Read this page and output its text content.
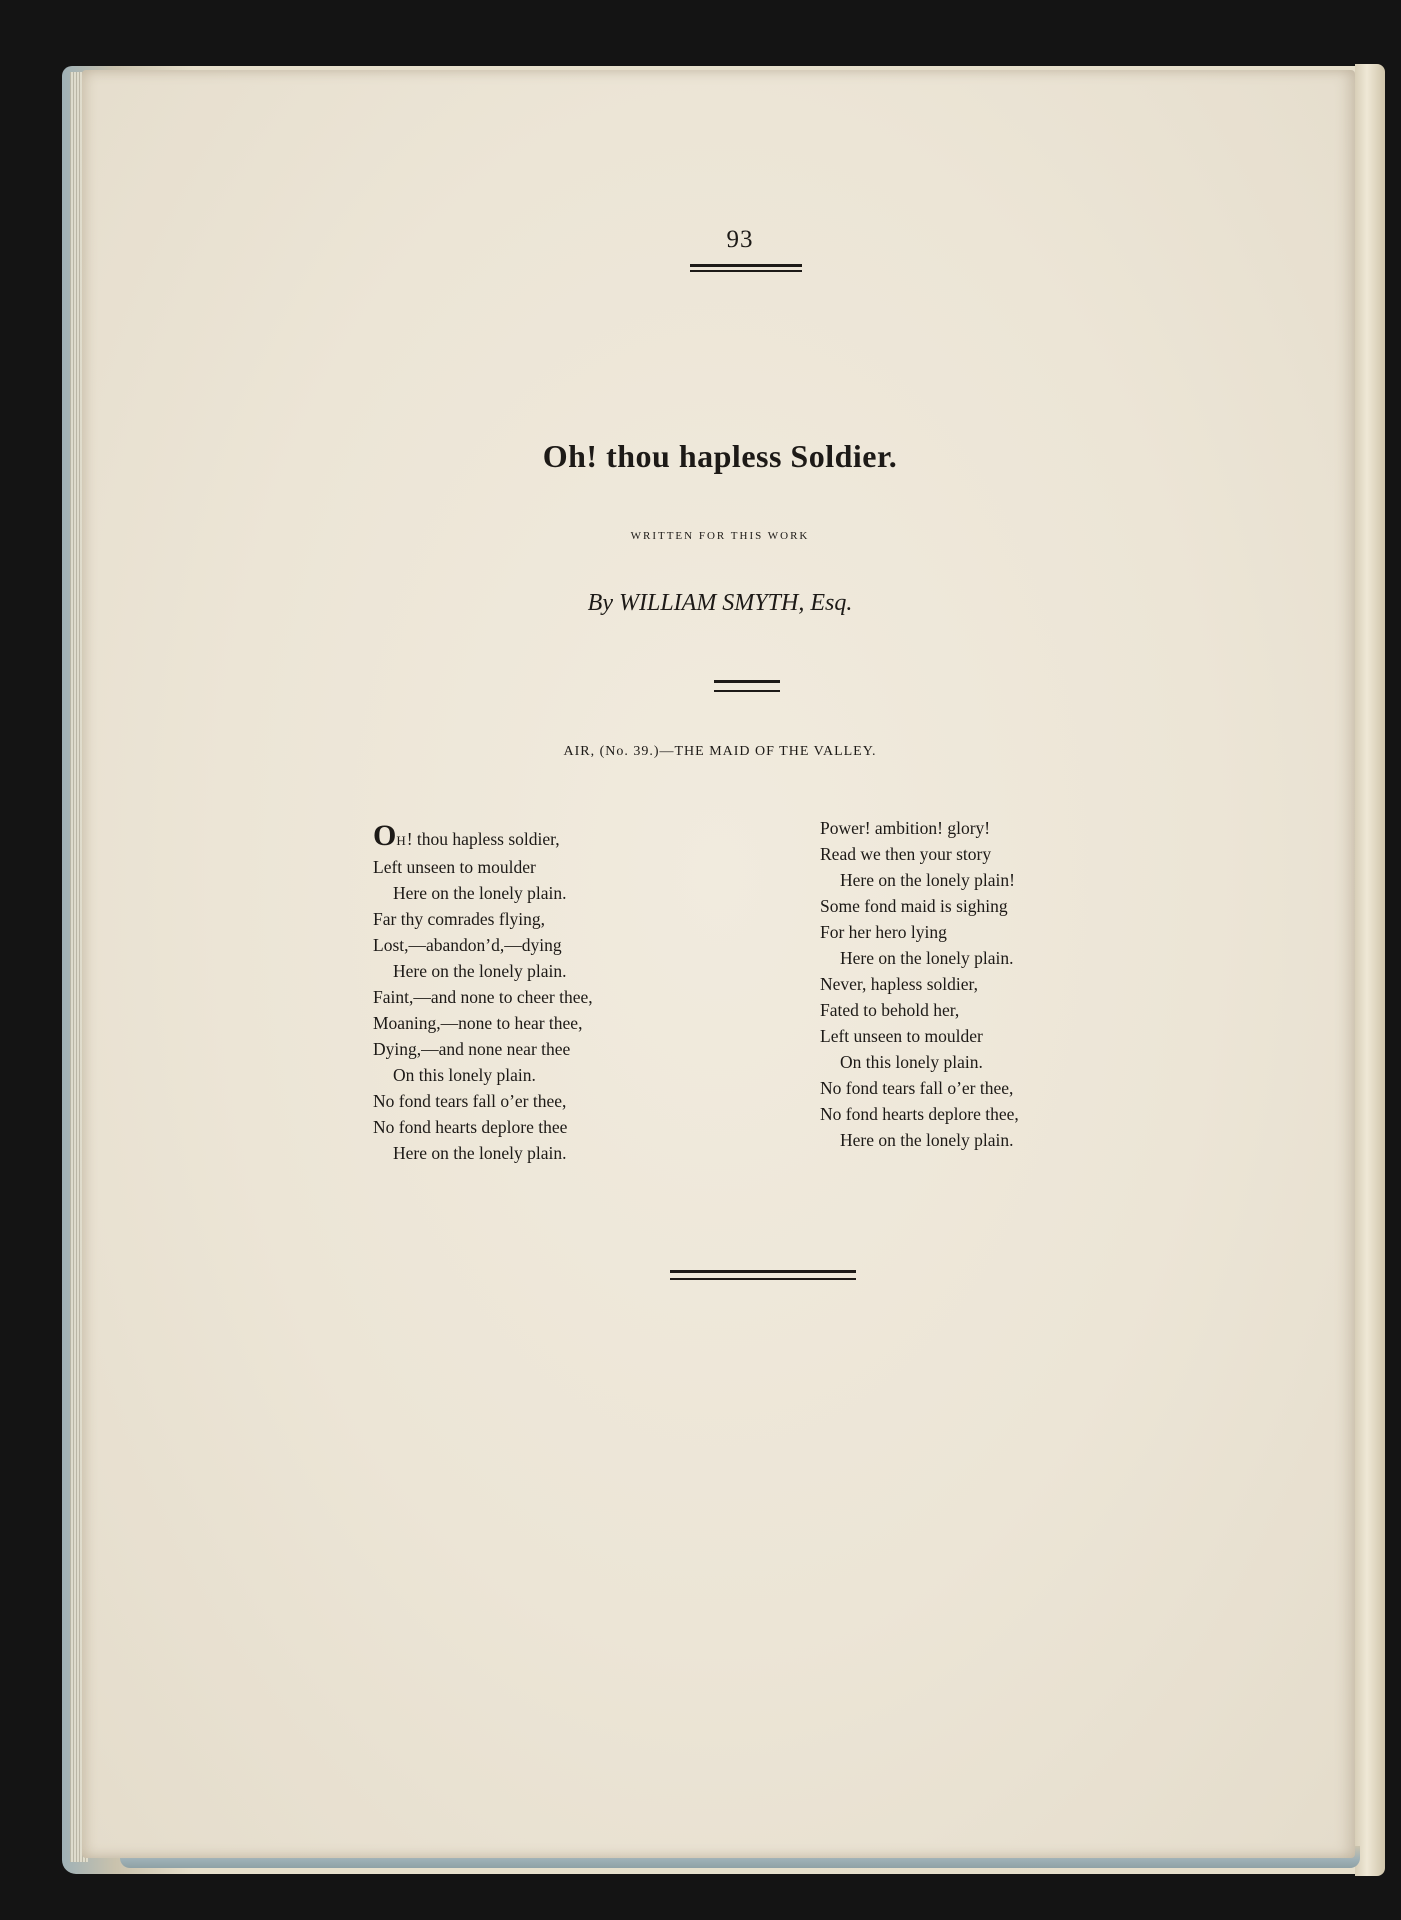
93
Oh! thou hapless Soldier.
WRITTEN FOR THIS WORK
By WILLIAM SMYTH, Esq.
AIR, (No. 39.)—THE MAID OF THE VALLEY.
OH! thou hapless soldier,
Left unseen to moulder
Here on the lonely plain.
Far thy comrades flying,
Lost,—abandon’d,—dying
Here on the lonely plain.
Faint,—and none to cheer thee,
Moaning,—none to hear thee,
Dying,—and none near thee
On this lonely plain.
No fond tears fall o’er thee,
No fond hearts deplore thee
Here on the lonely plain.
Power! ambition! glory!
Read we then your story
Here on the lonely plain!
Some fond maid is sighing
For her hero lying
Here on the lonely plain.
Never, hapless soldier,
Fated to behold her,
Left unseen to moulder
On this lonely plain.
No fond tears fall o’er thee,
No fond hearts deplore thee,
Here on the lonely plain.
